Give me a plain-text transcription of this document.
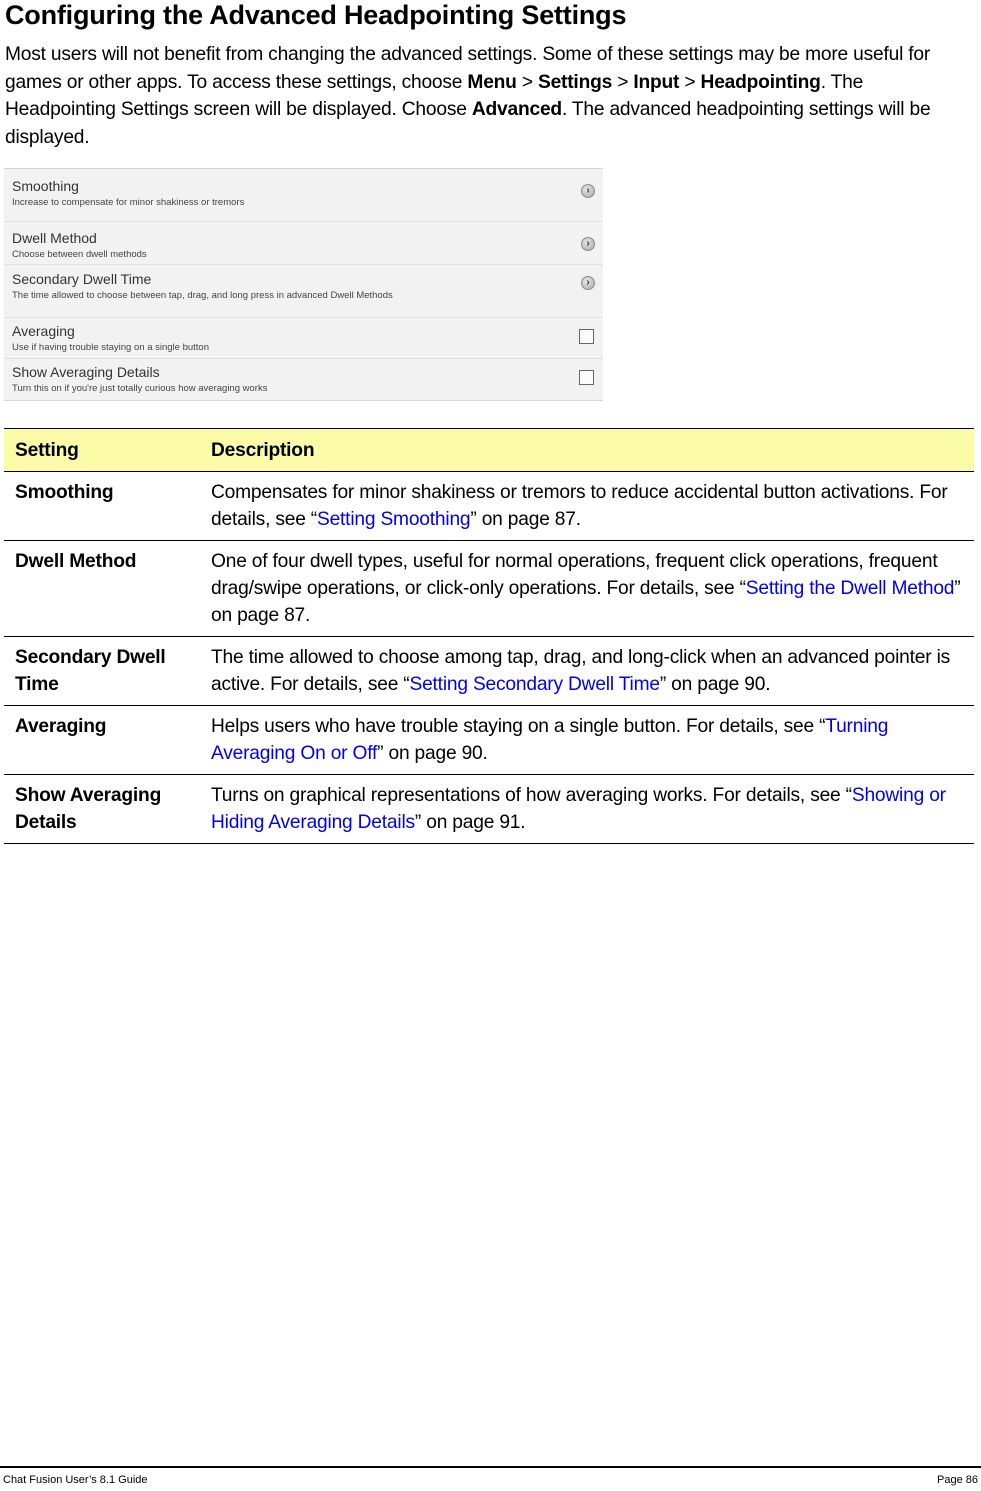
Configuring the Advanced Headpointing Settings

Most users will not benefit from changing the advanced settings. Some of these settings may be more useful for games or other apps. To access these settings, choose Menu > Settings > Input > Headpointing. The Headpointing Settings screen will be displayed. Choose Advanced. The advanced headpointing settings will be displayed.

Smoothing
Increase to compensate for minor shakiness or tremors
›
Dwell Method
Choose between dwell methods
›
Secondary Dwell Time
The time allowed to choose between tap, drag, and long press in advanced Dwell Methods
›
Averaging
Use if having trouble staying on a single button
Show Averaging Details
Turn this on if you're just totally curious how averaging works
Setting	Description
Smoothing	Compensates for minor shakiness or tremors to reduce accidental button activations. For details, see “Setting Smoothing” on page 87.
Dwell Method	One of four dwell types, useful for normal operations, frequent click operations, frequent drag/swipe operations, or click-only operations. For details, see “Setting the Dwell Method” on page 87.
Secondary Dwell Time	The time allowed to choose among tap, drag, and long-click when an advanced pointer is active. For details, see “Setting Secondary Dwell Time” on page 90.
Averaging	Helps users who have trouble staying on a single button. For details, see “Turning Averaging On or Off” on page 90.
Show Averaging Details	Turns on graphical representations of how averaging works. For details, see “Showing or Hiding Averaging Details” on page 91.
Chat Fusion User’s 8.1 Guide	Page 86
